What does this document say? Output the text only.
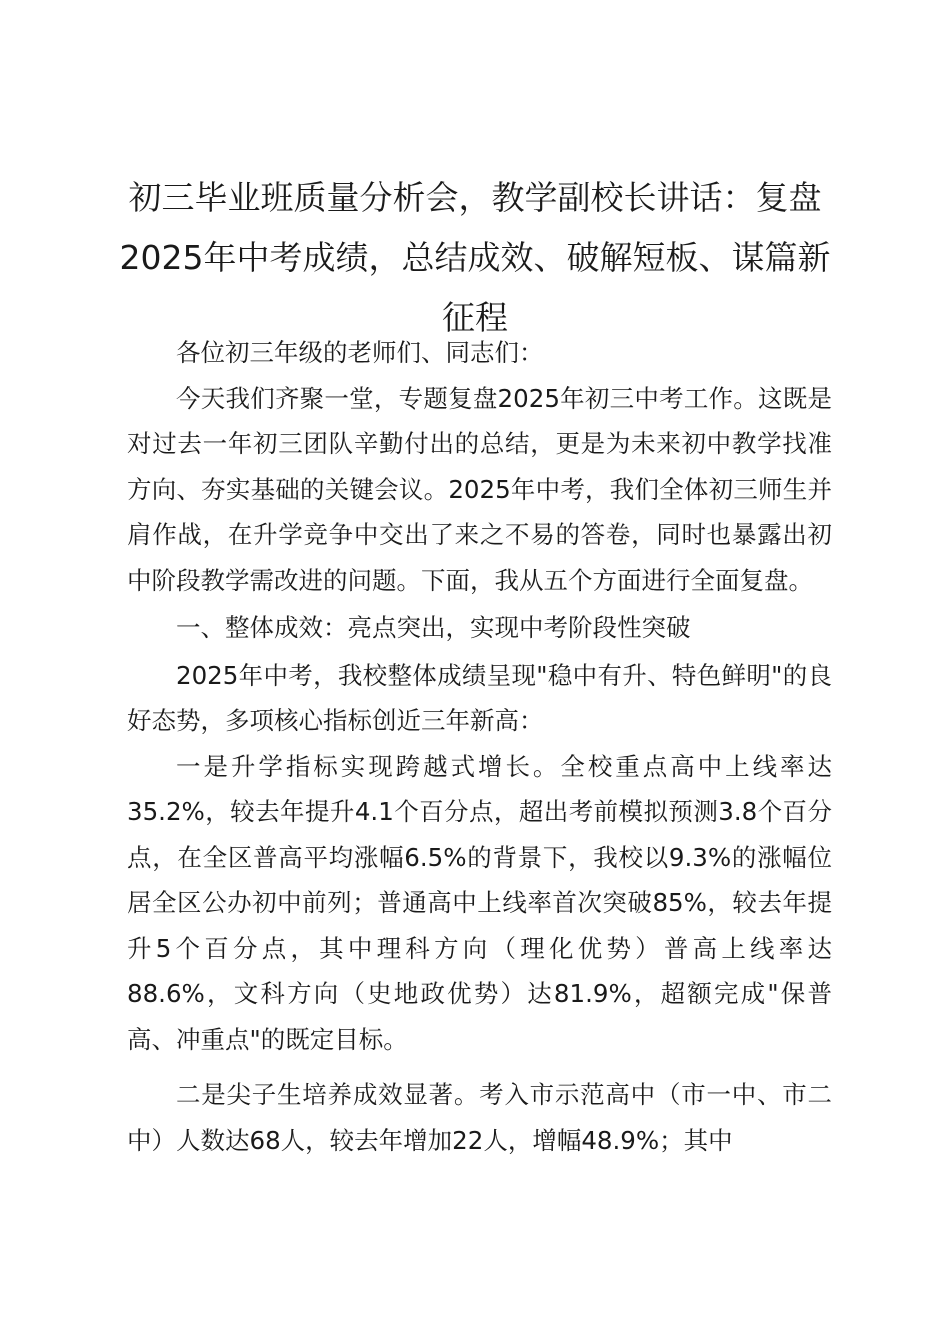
初三毕业班质量分析会，教学副校长讲话：复盘2025年中考成绩，总结成效、破解短板、谋篇新征程

各位初三年级的老师们、同志们：

今天我们齐聚一堂，专题复盘2025年初三中考工作。这既是对过去一年初三团队辛勤付出的总结，更是为未来初中教学找准方向、夯实基础的关键会议。2025年中考，我们全体初三师生并肩作战，在升学竞争中交出了来之不易的答卷，同时也暴露出初中阶段教学需改进的问题。下面，我从五个方面进行全面复盘。

一、整体成效：亮点突出，实现中考阶段性突破

2025年中考，我校整体成绩呈现"稳中有升、特色鲜明"的良好态势，多项核心指标创近三年新高：

一是升学指标实现跨越式增长。全校重点高中上线率达35.2%，较去年提升4.1个百分点，超出考前模拟预测3.8个百分点，在全区普高平均涨幅6.5%的背景下，我校以9.3%的涨幅位居全区公办初中前列；普通高中上线率首次突破85%，较去年提升5个百分点，其中理科方向（理化优势）普高上线率达88.6%，文科方向（史地政优势）达81.9%，超额完成"保普高、冲重点"的既定目标。

二是尖子生培养成效显著。考入市示范高中（市一中、市二中）人数达68人，较去年增加22人，增幅48.9%；其中
